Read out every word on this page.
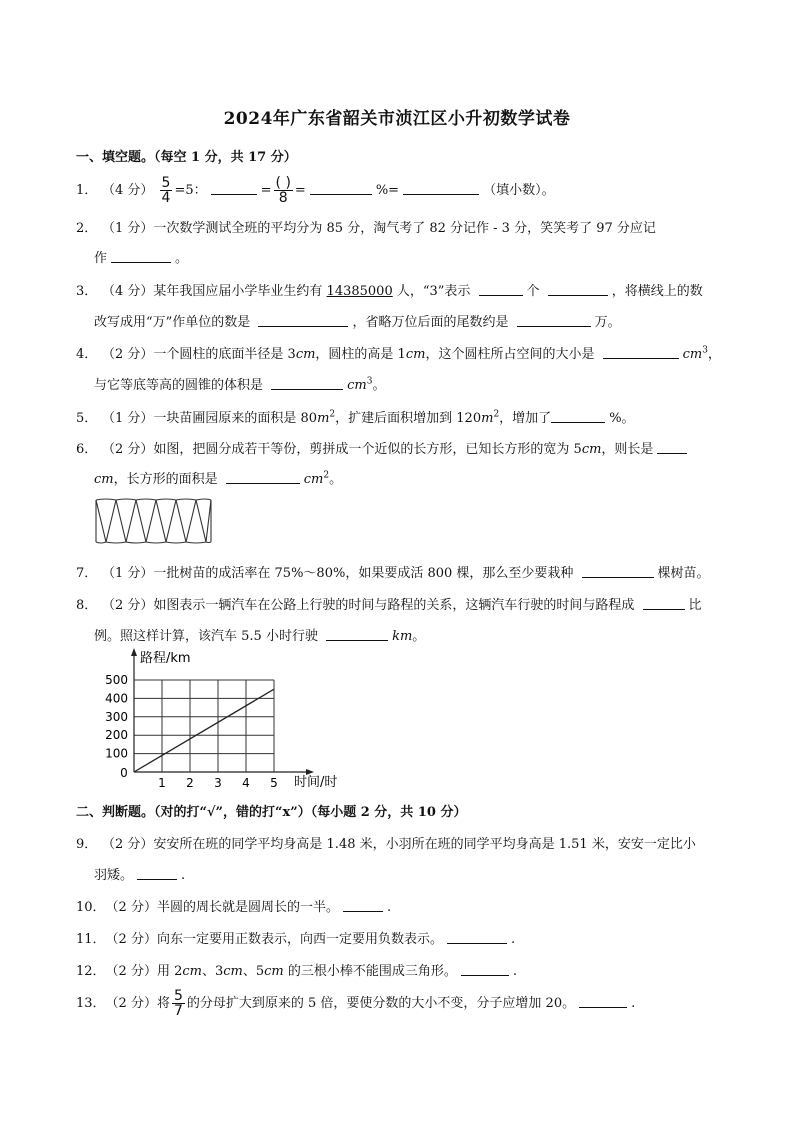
2024年广东省韶关市浈江区小升初数学试卷
一、填空题。（每空 1 分，共 17 分）
1． （4 分） $\frac{5}{4} =5$：	= $\frac{( )}{8}$ =	%=	（填小数）。
2． （1 分）一次数学测试全班的平均分为 85 分，淘气考了 82 分记作 - 3 分，笑笑考了 97 分应记
作	。
3． （4 分）某年我国应届小学毕业生约有 14385000 人，“3”表示	个	，将横线上的数
改写成用“万”作单位的数是	，省略万位后面的尾数约是	万。
4． （2 分）一个圆柱的底面半径是 3cm，圆柱的高是 1cm，这个圆柱所占空间的大小是	$cm^3$，
与它等底等高的圆锥的体积是	$cm^3$。
5． （1 分）一块苗圃园原来的面积是 $80m^2$，扩建后面积增加到 $120m^2$，增加了	%。
6． （2 分）如图，把圆分成若干等份，剪拼成一个近似的长方形，已知长方形的宽为 5cm，则长是
cm，长方形的面积是	$cm^2$。
7． （1 分）一批树苗的成活率在 75%～80%，如果要成活 800 棵，那么至少要栽种	棵树苗。
8． （2 分）如图表示一辆汽车在公路上行驶的时间与路程的关系，这辆汽车行驶的时间与路程成	比
例。照这样计算，该汽车 5.5 小时行驶	km。
路程/km
时间/时
0
100
200
300
400
500
1 2 3 4 5
二、判断题。（对的打“√”，错的打“x”）（每小题 2 分，共 10 分）
9． （2 分）安安所在班的同学平均身高是 1.48 米，小羽所在班的同学平均身高是 1.51 米，安安一定比小
羽矮。	.
10．（2 分）半圆的周长就是圆周长的一半。	.
11．（2 分）向东一定要用正数表示，向西一定要用负数表示。	.
12．（2 分）用 2cm、3cm、5cm 的三根小棒不能围成三角形。	.
13．（2 分）将 $\frac{5}{7}$ 的分母扩大到原来的 5 倍，要使分数的大小不变，分子应增加 20。	.
